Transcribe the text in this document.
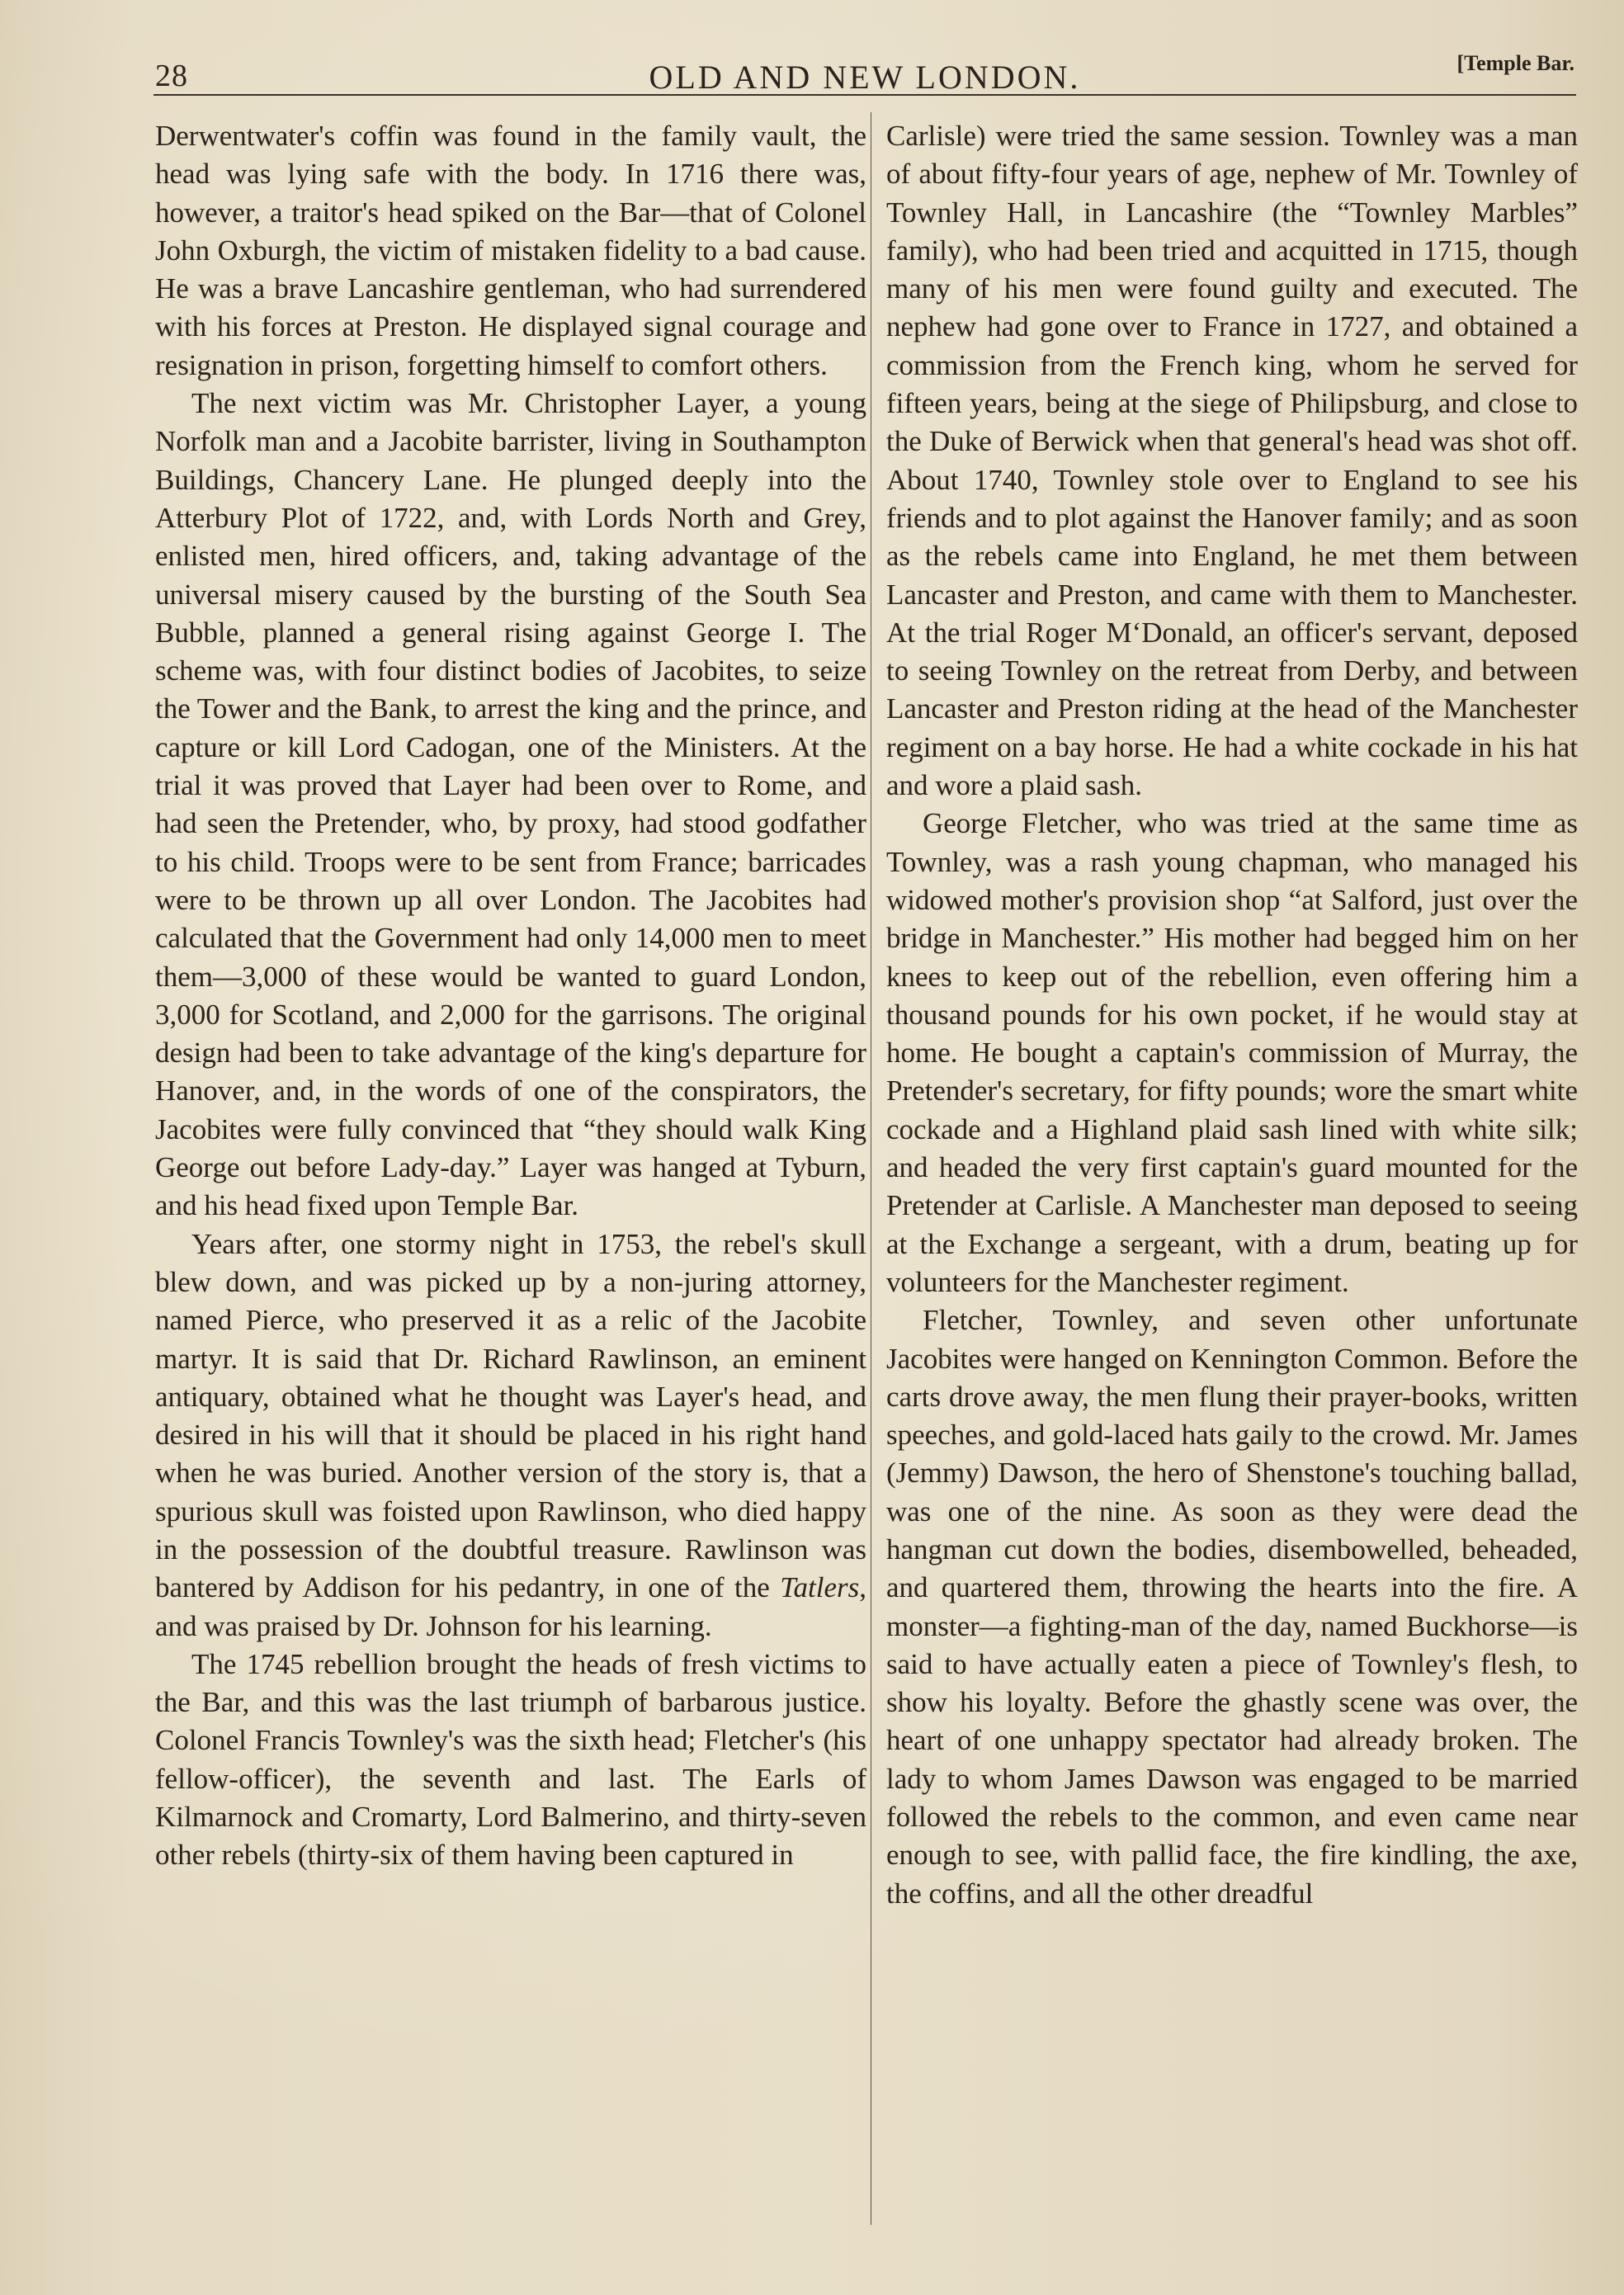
28	OLD AND NEW LONDON.	[Temple Bar.

Derwentwater's coffin was found in the family vault, the head was lying safe with the body. In 1716 there was, however, a traitor's head spiked on the Bar—that of Colonel John Oxburgh, the victim of mistaken fidelity to a bad cause. He was a brave Lancashire gentleman, who had surrendered with his forces at Preston. He displayed signal courage and resignation in prison, forgetting himself to comfort others.

The next victim was Mr. Christopher Layer, a young Norfolk man and a Jacobite barrister, living in Southampton Buildings, Chancery Lane. He plunged deeply into the Atterbury Plot of 1722, and, with Lords North and Grey, enlisted men, hired officers, and, taking advantage of the universal misery caused by the bursting of the South Sea Bubble, planned a general rising against George I. The scheme was, with four distinct bodies of Jacobites, to seize the Tower and the Bank, to arrest the king and the prince, and capture or kill Lord Cadogan, one of the Ministers. At the trial it was proved that Layer had been over to Rome, and had seen the Pretender, who, by proxy, had stood godfather to his child. Troops were to be sent from France; barricades were to be thrown up all over London. The Jacobites had calculated that the Government had only 14,000 men to meet them—3,000 of these would be wanted to guard London, 3,000 for Scotland, and 2,000 for the garrisons. The original design had been to take advantage of the king's departure for Hanover, and, in the words of one of the conspirators, the Jacobites were fully convinced that “they should walk King George out before Lady-day.” Layer was hanged at Tyburn, and his head fixed upon Temple Bar.

Years after, one stormy night in 1753, the rebel's skull blew down, and was picked up by a non-juring attorney, named Pierce, who preserved it as a relic of the Jacobite martyr. It is said that Dr. Richard Rawlinson, an eminent antiquary, obtained what he thought was Layer's head, and desired in his will that it should be placed in his right hand when he was buried. Another version of the story is, that a spurious skull was foisted upon Rawlinson, who died happy in the possession of the doubtful treasure. Rawlinson was bantered by Addison for his pedantry, in one of the Tatlers, and was praised by Dr. Johnson for his learning.

The 1745 rebellion brought the heads of fresh victims to the Bar, and this was the last triumph of barbarous justice. Colonel Francis Townley's was the sixth head; Fletcher's (his fellow-officer), the seventh and last. The Earls of Kilmarnock and Cromarty, Lord Balmerino, and thirty-seven other rebels (thirty-six of them having been captured in

Carlisle) were tried the same session. Townley was a man of about fifty-four years of age, nephew of Mr. Townley of Townley Hall, in Lancashire (the “Townley Marbles” family), who had been tried and acquitted in 1715, though many of his men were found guilty and executed. The nephew had gone over to France in 1727, and obtained a commission from the French king, whom he served for fifteen years, being at the siege of Philipsburg, and close to the Duke of Berwick when that general's head was shot off. About 1740, Townley stole over to England to see his friends and to plot against the Hanover family; and as soon as the rebels came into England, he met them between Lancaster and Preston, and came with them to Manchester. At the trial Roger M‘Donald, an officer's servant, deposed to seeing Townley on the retreat from Derby, and between Lancaster and Preston riding at the head of the Manchester regiment on a bay horse. He had a white cockade in his hat and wore a plaid sash.

George Fletcher, who was tried at the same time as Townley, was a rash young chapman, who managed his widowed mother's provision shop “at Salford, just over the bridge in Manchester.” His mother had begged him on her knees to keep out of the rebellion, even offering him a thousand pounds for his own pocket, if he would stay at home. He bought a captain's commission of Murray, the Pretender's secretary, for fifty pounds; wore the smart white cockade and a Highland plaid sash lined with white silk; and headed the very first captain's guard mounted for the Pretender at Carlisle. A Manchester man deposed to seeing at the Exchange a sergeant, with a drum, beating up for volunteers for the Manchester regiment.

Fletcher, Townley, and seven other unfortunate Jacobites were hanged on Kennington Common. Before the carts drove away, the men flung their prayer-books, written speeches, and gold-laced hats gaily to the crowd. Mr. James (Jemmy) Dawson, the hero of Shenstone's touching ballad, was one of the nine. As soon as they were dead the hangman cut down the bodies, disembowelled, beheaded, and quartered them, throwing the hearts into the fire. A monster—a fighting-man of the day, named Buckhorse—is said to have actually eaten a piece of Townley's flesh, to show his loyalty. Before the ghastly scene was over, the heart of one unhappy spectator had already broken. The lady to whom James Dawson was engaged to be married followed the rebels to the common, and even came near enough to see, with pallid face, the fire kindling, the axe, the coffins, and all the other dreadful
